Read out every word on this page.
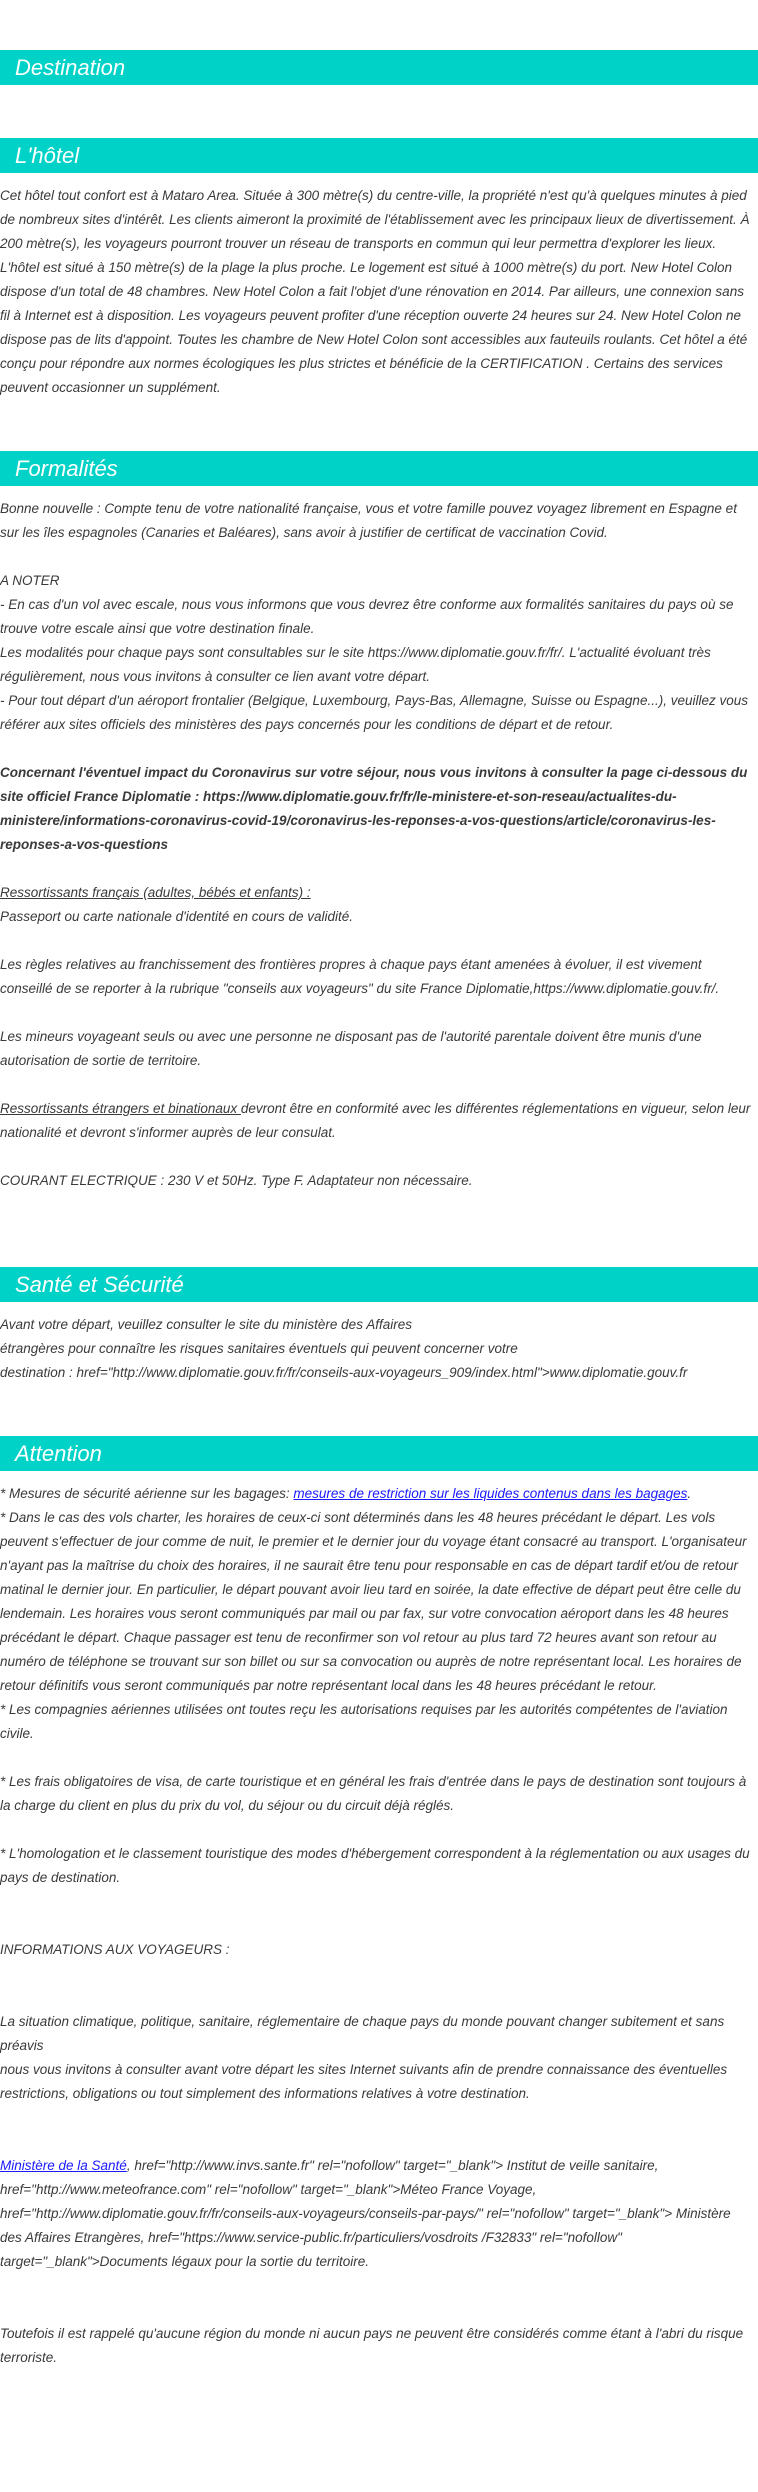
Destination
L'hôtel

Cet hôtel tout confort est à Mataro Area. Située à 300 mètre(s) du centre-ville, la propriété n'est qu'à quelques minutes à pied de nombreux sites d'intérêt. Les clients aimeront la proximité de l'établissement avec les principaux lieux de divertissement. À 200 mètre(s), les voyageurs pourront trouver un réseau de transports en commun qui leur permettra d'explorer les lieux. L'hôtel est situé à 150 mètre(s) de la plage la plus proche. Le logement est situé à 1000 mètre(s) du port. New Hotel Colon dispose d'un total de 48 chambres. New Hotel Colon a fait l'objet d'une rénovation en 2014. Par ailleurs, une connexion sans fil à Internet est à disposition. Les voyageurs peuvent profiter d'une réception ouverte 24 heures sur 24. New Hotel Colon ne dispose pas de lits d'appoint. Toutes les chambre de New Hotel Colon sont accessibles aux fauteuils roulants. Cet hôtel a été conçu pour répondre aux normes écologiques les plus strictes et bénéficie de la CERTIFICATION . Certains des services peuvent occasionner un supplément.

Formalités

Bonne nouvelle : Compte tenu de votre nationalité française, vous et votre famille pouvez voyagez librement en Espagne et sur les îles espagnoles (Canaries et Baléares), sans avoir à justifier de certificat de vaccination Covid.

A NOTER

- En cas d'un vol avec escale, nous vous informons que vous devrez être conforme aux formalités sanitaires du pays où se trouve votre escale ainsi que votre destination finale.

Les modalités pour chaque pays sont consultables sur le site https://www.diplomatie.gouv.fr/fr/. L'actualité évoluant très régulièrement, nous vous invitons à consulter ce lien avant votre départ.

- Pour tout départ d'un aéroport frontalier (Belgique, Luxembourg, Pays-Bas, Allemagne, Suisse ou Espagne...), veuillez vous référer aux sites officiels des ministères des pays concernés pour les conditions de départ et de retour.

Concernant l'éventuel impact du Coronavirus sur votre séjour, nous vous invitons à consulter la page ci-dessous du site officiel France Diplomatie : https://www.diplomatie.gouv.fr/fr/le-ministere-et-son-reseau/actualites-du-ministere/informations-coronavirus-covid-19/coronavirus-les-reponses-a-vos-questions/article/coronavirus-les-reponses-a-vos-questions

Ressortissants français (adultes, bébés et enfants) :

Passeport ou carte nationale d'identité en cours de validité.

Les règles relatives au franchissement des frontières propres à chaque pays étant amenées à évoluer, il est vivement conseillé de se reporter à la rubrique "conseils aux voyageurs" du site France Diplomatie,https://www.diplomatie.gouv.fr/.

Les mineurs voyageant seuls ou avec une personne ne disposant pas de l'autorité parentale doivent être munis d'une autorisation de sortie de territoire.

Ressortissants étrangers et binationaux devront être en conformité avec les différentes réglementations en vigueur, selon leur nationalité et devront s'informer auprès de leur consulat.

COURANT ELECTRIQUE : 230 V et 50Hz. Type F. Adaptateur non nécessaire.

Santé et Sécurité

Avant votre départ, veuillez consulter le site du ministère des Affaires

étrangères pour connaître les risques sanitaires éventuels qui peuvent concerner votre

destination : href="http://www.diplomatie.gouv.fr/fr/conseils-aux-voyageurs_909/index.html">www.diplomatie.gouv.fr

Attention

* Mesures de sécurité aérienne sur les bagages: mesures de restriction sur les liquides contenus dans les bagages.

* Dans le cas des vols charter, les horaires de ceux-ci sont déterminés dans les 48 heures précédant le départ. Les vols peuvent s'effectuer de jour comme de nuit, le premier et le dernier jour du voyage étant consacré au transport. L'organisateur n'ayant pas la maîtrise du choix des horaires, il ne saurait être tenu pour responsable en cas de départ tardif et/ou de retour matinal le dernier jour. En particulier, le départ pouvant avoir lieu tard en soirée, la date effective de départ peut être celle du lendemain. Les horaires vous seront communiqués par mail ou par fax, sur votre convocation aéroport dans les 48 heures précédant le départ. Chaque passager est tenu de reconfirmer son vol retour au plus tard 72 heures avant son retour au numéro de téléphone se trouvant sur son billet ou sur sa convocation ou auprès de notre représentant local. Les horaires de retour définitifs vous seront communiqués par notre représentant local dans les 48 heures précédant le retour.

* Les compagnies aériennes utilisées ont toutes reçu les autorisations requises par les autorités compétentes de l'aviation civile.

* Les frais obligatoires de visa, de carte touristique et en général les frais d'entrée dans le pays de destination sont toujours à la charge du client en plus du prix du vol, du séjour ou du circuit déjà réglés.

* L'homologation et le classement touristique des modes d'hébergement correspondent à la réglementation ou aux usages du pays de destination.

INFORMATIONS AUX VOYAGEURS :

La situation climatique, politique, sanitaire, réglementaire de chaque pays du monde pouvant changer subitement et sans préavis

nous vous invitons à consulter avant votre départ les sites Internet suivants afin de prendre connaissance des éventuelles restrictions, obligations ou tout simplement des informations relatives à votre destination.

Ministère de la Santé, href="http://www.invs.sante.fr" rel="nofollow" target="_blank"> Institut de veille sanitaire, href="http://www.meteofrance.com" rel="nofollow" target="_blank">Méteo France Voyage, href="http://www.diplomatie.gouv.fr/fr/conseils-aux-voyageurs/conseils-par-pays/" rel="nofollow" target="_blank"> Ministère des Affaires Etrangères, href="https://www.service-public.fr/particuliers/vosdroits /F32833" rel="nofollow" target="_blank">Documents légaux pour la sortie du territoire.

Toutefois il est rappelé qu'aucune région du monde ni aucun pays ne peuvent être considérés comme étant à l'abri du risque terroriste.
